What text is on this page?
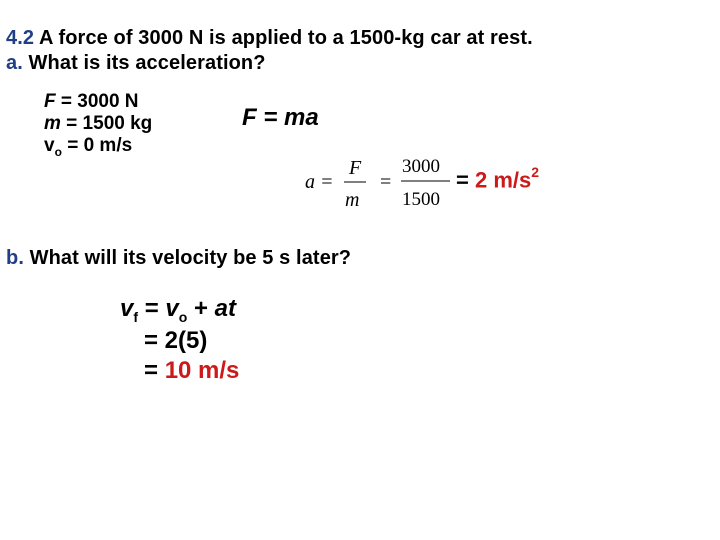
4.2 A force of 3000 N is applied to a 1500-kg car at rest.
a. What is its acceleration?
F = 3000 N
m = 1500 kg
$v_o = 0$ m/s
F = ma
a =
F
m
=
3000
1500
= 2 $m/s^2$
b. What will its velocity be 5 s later?
$v_f = v_o$ + at
= 2(5)
= 10 m/s
